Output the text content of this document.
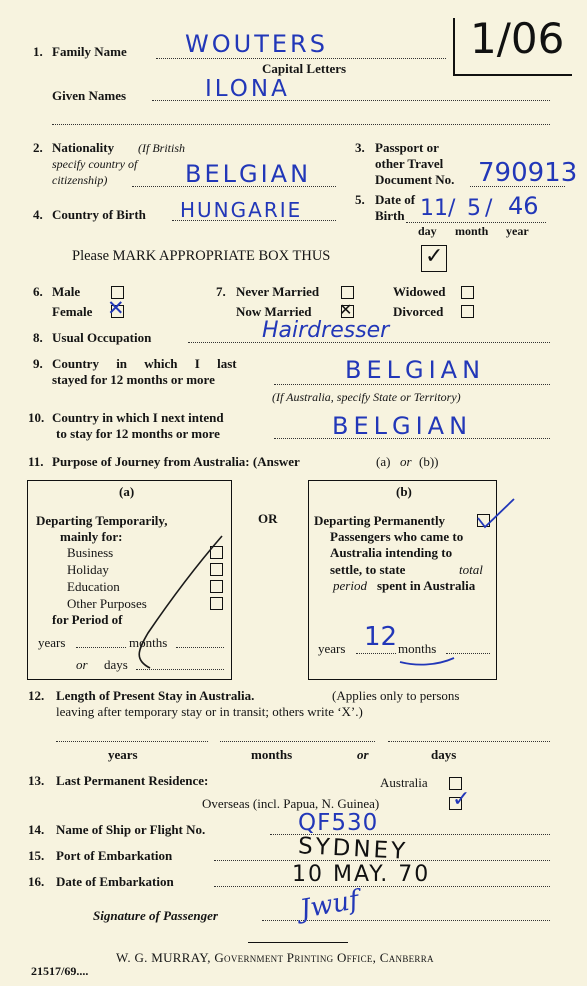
1. Family Name WOUTERS
Capital Letters
Given Names	ILONA
1/06
2. Nationality (If British
specify country of
citizenship)	BELGIAN
3. Passport or
other Travel
Document No. 790913
4. Country of Birth HUNGARIE	5. Date of
Birth 11 / 5 / 46
day month year
Please MARK APPROPRIATE BOX THUS	✓
6. Male
Female ✕
7. Never Married
Now Married ✕
Widowed
Divorced
8. Usual Occupation	Hairdresser
9. Country in which I last
stayed for 12 months or more	BELGIAN
(If Australia, specify State or Territory)
10. Country in which I next intend
to stay for 12 months or more	BELGIAN
11. Purpose of Journey from Australia: (Answer	(a) or (b))
(a)
Departing Temporarily,
mainly for:
Business
Holiday
Education
Other Purposes
for Period of
years	months
or days
OR
(b)
Departing Permanently
Passengers who came to
Australia intending to
settle, to state	total
period spent in Australia
years 12 months
12. Length of Present Stay in Australia.	(Applies only to persons
leaving after temporary stay or in transit; others write ‘X’.)
years	months	or	days
13. Last Permanent Residence:	Australia
Overseas (incl. Papua, N. Guinea)	✓
14. Name of Ship or Flight No.	QF530
15. Port of Embarkation	SYDNEY
16. Date of Embarkation	10 MAY. 70
Signature of Passenger	Jwuf
W. G. MURRAY, Government Printing Office, Canberra
21517/69....
